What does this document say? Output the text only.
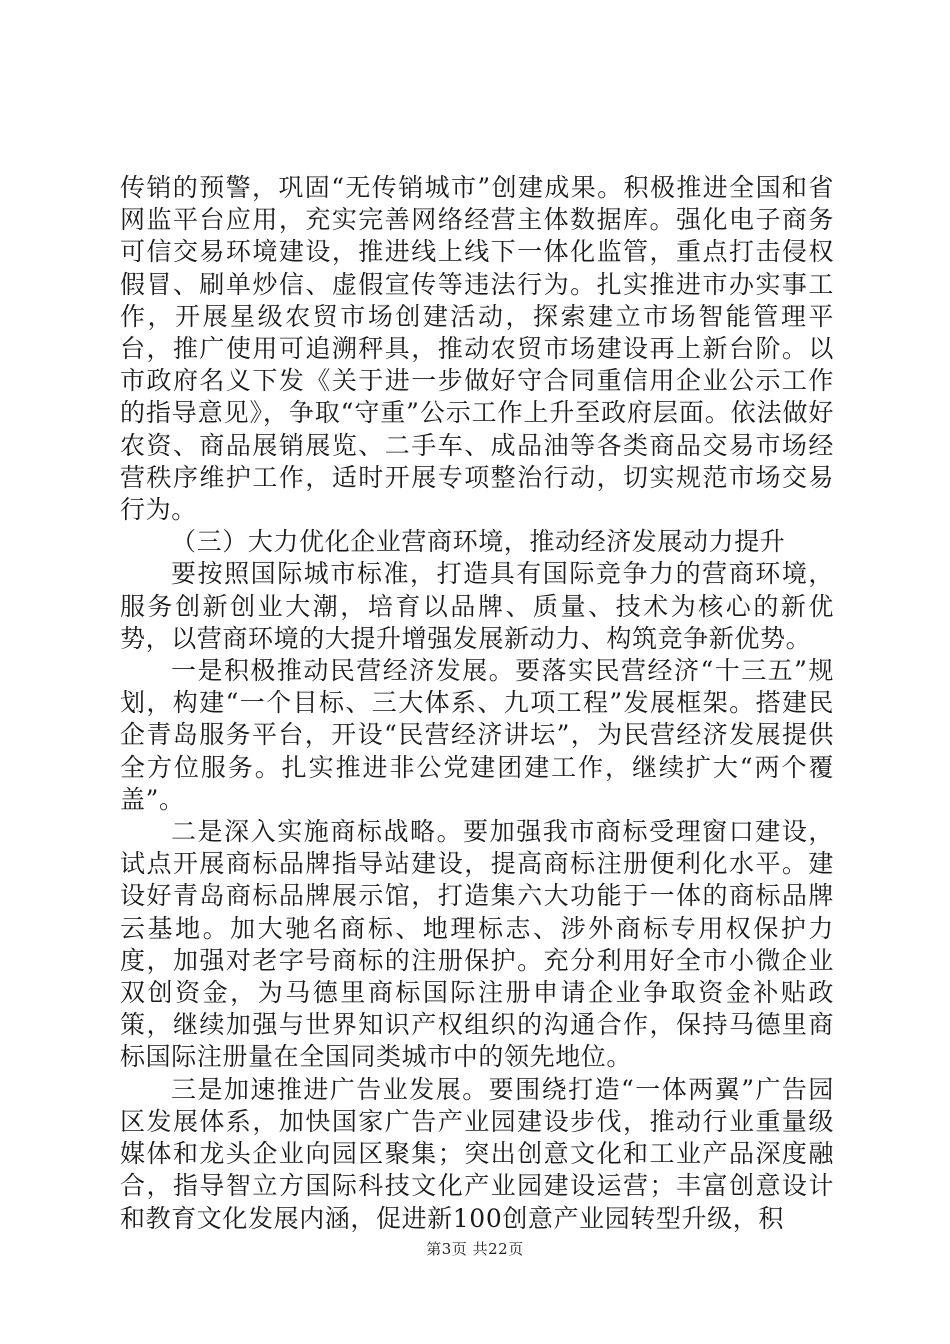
传销的预警，巩固“无传销城市”创建成果。积极推进全国和省网监平台应用，充实完善网络经营主体数据库。强化电子商务可信交易环境建设，推进线上线下一体化监管，重点打击侵权假冒、刷单炒信、虚假宣传等违法行为。扎实推进市办实事工作，开展星级农贸市场创建活动，探索建立市场智能管理平台，推广使用可追溯秤具，推动农贸市场建设再上新台阶。以市政府名义下发《关于进一步做好守合同重信用企业公示工作的指导意见》，争取“守重”公示工作上升至政府层面。依法做好农资、商品展销展览、二手车、成品油等各类商品交易市场经营秩序维护工作，适时开展专项整治行动，切实规范市场交易行为。

（三）大力优化企业营商环境，推动经济发展动力提升

要按照国际城市标准，打造具有国际竞争力的营商环境，服务创新创业大潮，培育以品牌、质量、技术为核心的新优势，以营商环境的大提升增强发展新动力、构筑竞争新优势。

一是积极推动民营经济发展。要落实民营经济“十三五”规划，构建“一个目标、三大体系、九项工程”发展框架。搭建民企青岛服务平台，开设“民营经济讲坛”，为民营经济发展提供全方位服务。扎实推进非公党建团建工作，继续扩大“两个覆盖”。

二是深入实施商标战略。要加强我市商标受理窗口建设，试点开展商标品牌指导站建设，提高商标注册便利化水平。建设好青岛商标品牌展示馆，打造集六大功能于一体的商标品牌云基地。加大驰名商标、地理标志、涉外商标专用权保护力度，加强对老字号商标的注册保护。充分利用好全市小微企业双创资金，为马德里商标国际注册申请企业争取资金补贴政策，继续加强与世界知识产权组织的沟通合作，保持马德里商标国际注册量在全国同类城市中的领先地位。

三是加速推进广告业发展。要围绕打造“一体两翼”广告园区发展体系，加快国家广告产业园建设步伐，推动行业重量级媒体和龙头企业向园区聚集；突出创意文化和工业产品深度融合，指导智立方国际科技文化产业园建设运营；丰富创意设计和教育文化发展内涵，促进新100创意产业园转型升级，积

第3页 共22页
